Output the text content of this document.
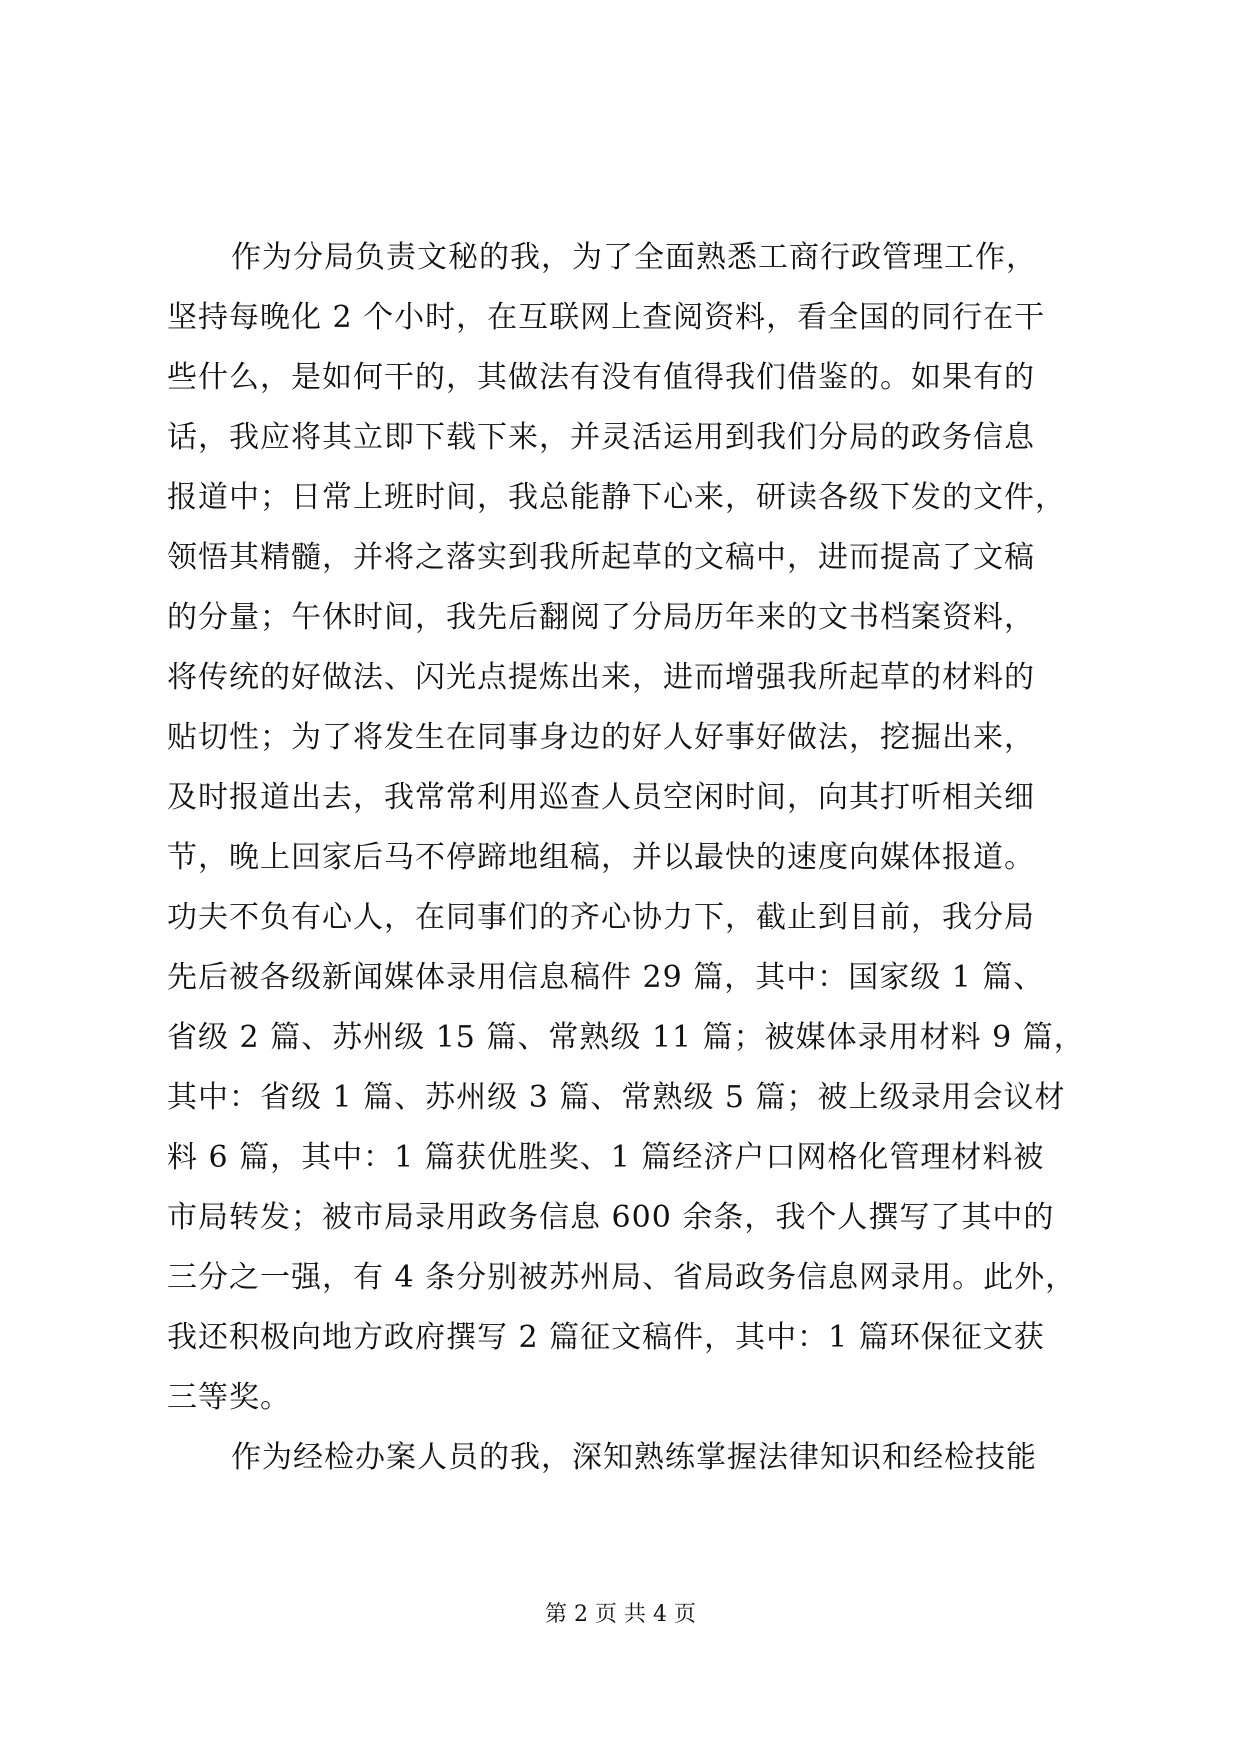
作为分局负责文秘的我，为了全面熟悉工商行政管理工作，
坚持每晚化 2 个小时，在互联网上查阅资料，看全国的同行在干
些什么，是如何干的，其做法有没有值得我们借鉴的。如果有的
话，我应将其立即下载下来，并灵活运用到我们分局的政务信息
报道中；日常上班时间，我总能静下心来，研读各级下发的文件，
领悟其精髓，并将之落实到我所起草的文稿中，进而提高了文稿
的分量；午休时间，我先后翻阅了分局历年来的文书档案资料，
将传统的好做法、闪光点提炼出来，进而增强我所起草的材料的
贴切性；为了将发生在同事身边的好人好事好做法，挖掘出来，
及时报道出去，我常常利用巡查人员空闲时间，向其打听相关细
节，晚上回家后马不停蹄地组稿，并以最快的速度向媒体报道。
功夫不负有心人，在同事们的齐心协力下，截止到目前，我分局
先后被各级新闻媒体录用信息稿件 29 篇，其中：国家级 1 篇、
省级 2 篇、苏州级 15 篇、常熟级 11 篇；被媒体录用材料 9 篇，
其中：省级 1 篇、苏州级 3 篇、常熟级 5 篇；被上级录用会议材
料 6 篇，其中：1 篇获优胜奖、1 篇经济户口网格化管理材料被
市局转发；被市局录用政务信息 600 余条，我个人撰写了其中的
三分之一强，有 4 条分别被苏州局、省局政务信息网录用。此外，
我还积极向地方政府撰写 2 篇征文稿件，其中：1 篇环保征文获
三等奖。
作为经检办案人员的我，深知熟练掌握法律知识和经检技能
第 2 页 共 4 页
